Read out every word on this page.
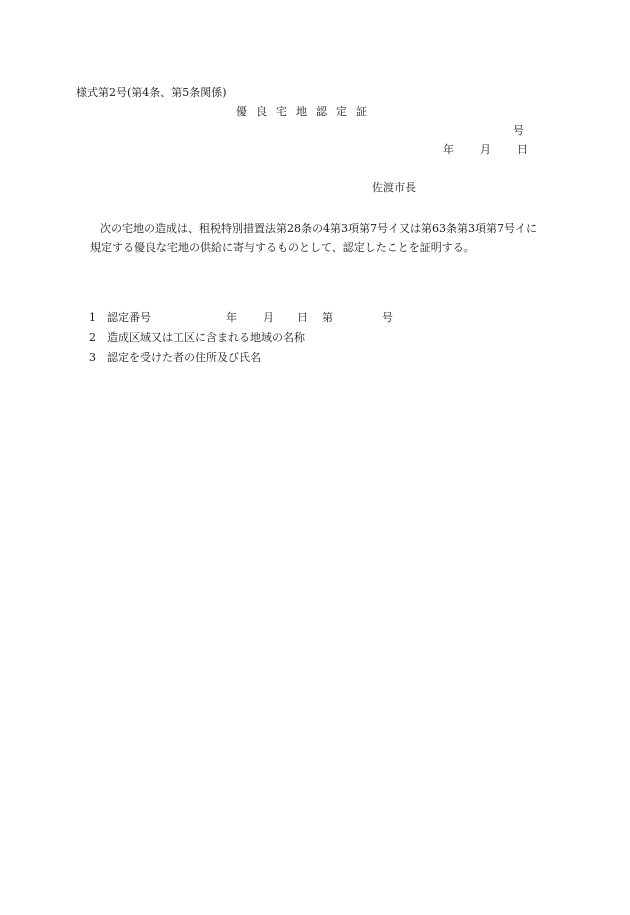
様式第2号(第4条、第5条関係)
優良宅地認定証
号
年 月 日
佐渡市長
次の宅地の造成は、租税特別措置法第28条の4第3項第7号イ又は第63条第3項第7号イに
規定する優良な宅地の供給に寄与するものとして、認定したことを証明する。
1 認定番号	年 月 日 第	号
2 造成区域又は工区に含まれる地域の名称
3 認定を受けた者の住所及び氏名
